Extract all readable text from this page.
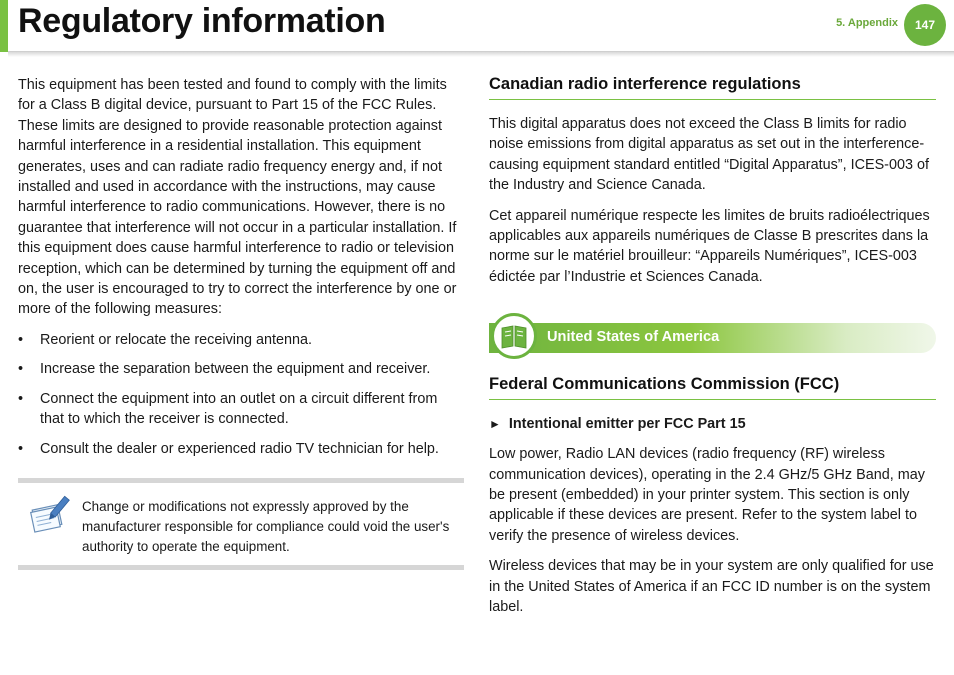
Regulatory information	5. Appendix	147

This equipment has been tested and found to comply with the limits for a Class B digital device, pursuant to Part 15 of the FCC Rules. These limits are designed to provide reasonable protection against harmful interference in a residential installation. This equipment generates, uses and can radiate radio frequency energy and, if not installed and used in accordance with the instructions, may cause harmful interference to radio communications. However, there is no guarantee that interference will not occur in a particular installation. If this equipment does cause harmful interference to radio or television reception, which can be determined by turning the equipment off and on, the user is encouraged to try to correct the interference by one or more of the following measures:

• Reorient or relocate the receiving antenna.
• Increase the separation between the equipment and receiver.
• Connect the equipment into an outlet on a circuit different from that to which the receiver is connected.
• Consult the dealer or experienced radio TV technician for help.
Change or modifications not expressly approved by the manufacturer responsible for compliance could void the user's authority to operate the equipment.
Canadian radio interference regulations

This digital apparatus does not exceed the Class B limits for radio noise emissions from digital apparatus as set out in the interference-causing equipment standard entitled “Digital Apparatus”, ICES-003 of the Industry and Science Canada.

Cet appareil numérique respecte les limites de bruits radioélectriques applicables aux appareils numériques de Classe B prescrites dans la norme sur le matériel brouilleur: “Appareils Numériques”, ICES-003 édictée par l’Industrie et Sciences Canada.

United States of America
Federal Communications Commission (FCC)
► Intentional emitter per FCC Part 15

Low power, Radio LAN devices (radio frequency (RF) wireless communication devices), operating in the 2.4 GHz/5 GHz Band, may be present (embedded) in your printer system. This section is only applicable if these devices are present. Refer to the system label to verify the presence of wireless devices.

Wireless devices that may be in your system are only qualified for use in the United States of America if an FCC ID number is on the system label.
